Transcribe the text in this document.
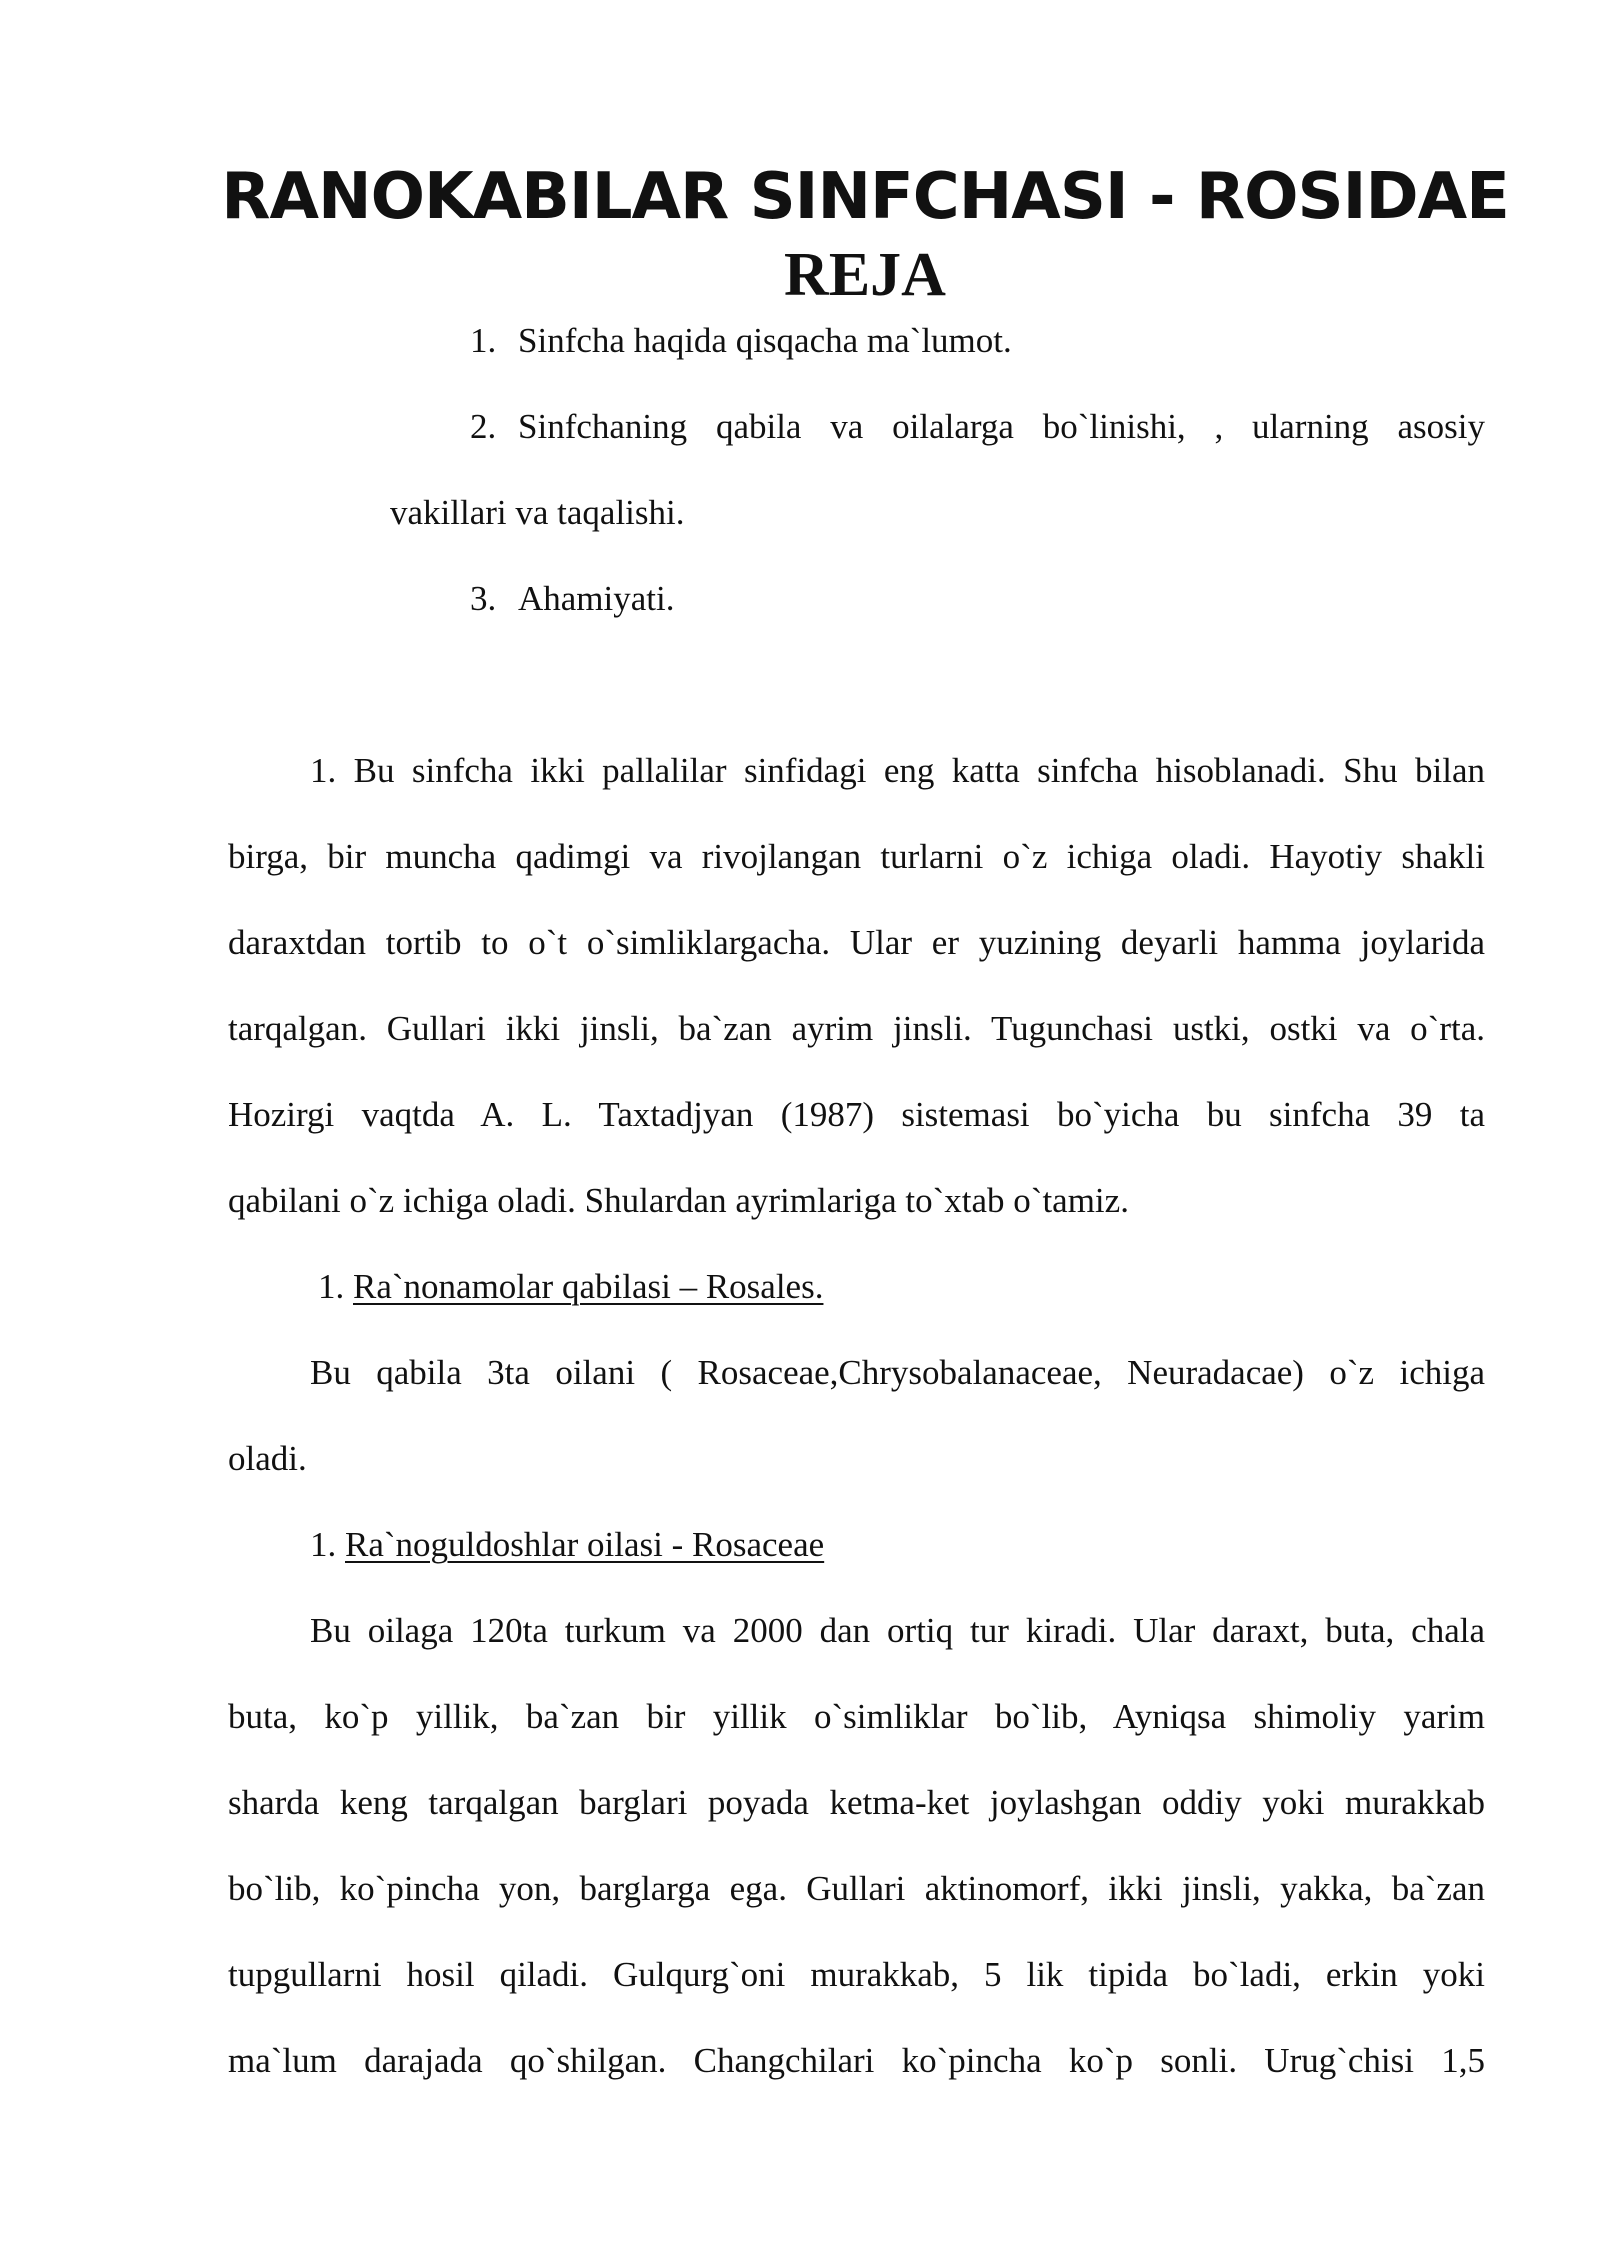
RANOKABILAR SINFCHASI - ROSIDAE
REJA
1. Sinfcha haqida qisqacha ma`lumot.
2. Sinfchaning qabila va oilalarga bo`linishi, , ularning asosiy
vakillari va taqalishi.
3. Ahamiyati.
1. Bu sinfcha ikki pallalilar sinfidagi eng katta sinfcha hisoblanadi. Shu bilan
birga, bir muncha qadimgi va rivojlangan turlarni o`z ichiga oladi. Hayotiy shakli
daraxtdan tortib to o`t o`simliklargacha. Ular er yuzining deyarli hamma joylarida
tarqalgan. Gullari ikki jinsli, ba`zan ayrim jinsli. Tugunchasi ustki, ostki va o`rta.
Hozirgi vaqtda A. L. Taxtadjyan (1987) sistemasi bo`yicha bu sinfcha 39 ta
qabilani o`z ichiga oladi. Shulardan ayrimlariga to`xtab o`tamiz.
1. Ra`nonamolar qabilasi – Rosales.
Bu qabila 3ta oilani ( Rosaceae,Chrysobalanaceae, Neuradacae) o`z ichiga
oladi.
1. Ra`noguldoshlar oilasi - Rosaceae
Bu oilaga 120ta turkum va 2000 dan ortiq tur kiradi. Ular daraxt, buta, chala
buta, ko`p yillik, ba`zan bir yillik o`simliklar bo`lib, Ayniqsa shimoliy yarim
sharda keng tarqalgan barglari poyada ketma-ket joylashgan oddiy yoki murakkab
bo`lib, ko`pincha yon, barglarga ega. Gullari aktinomorf, ikki jinsli, yakka, ba`zan
tupgullarni hosil qiladi. Gulqurg`oni murakkab, 5 lik tipida bo`ladi, erkin yoki
ma`lum darajada qo`shilgan. Changchilari ko`pincha ko`p sonli. Urug`chisi 1,5
